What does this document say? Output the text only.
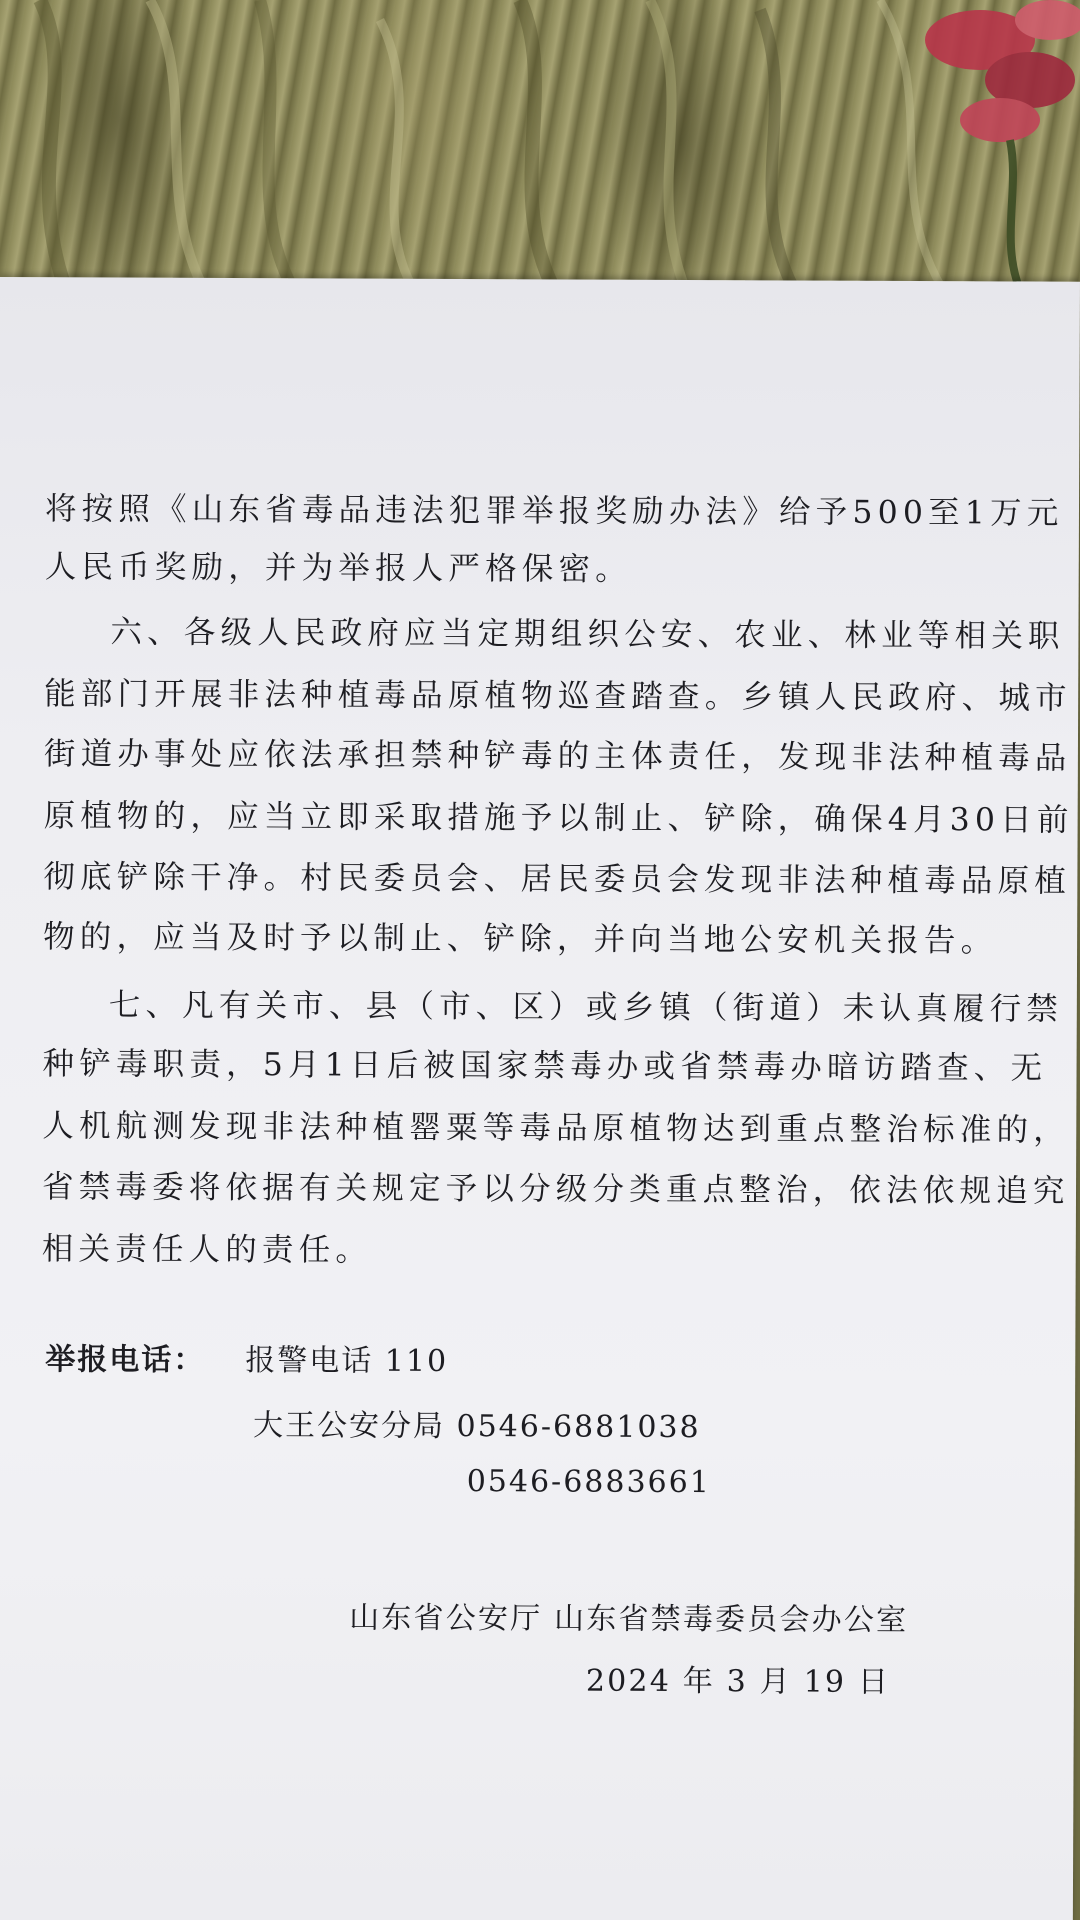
将按照《山东省毒品违法犯罪举报奖励办法》给予500至1万元
人民币奖励，并为举报人严格保密。
六、各级人民政府应当定期组织公安、农业、林业等相关职
能部门开展非法种植毒品原植物巡查踏查。乡镇人民政府、城市
街道办事处应依法承担禁种铲毒的主体责任，发现非法种植毒品
原植物的，应当立即采取措施予以制止、铲除，确保4月30日前
彻底铲除干净。村民委员会、居民委员会发现非法种植毒品原植
物的，应当及时予以制止、铲除，并向当地公安机关报告。
七、凡有关市、县（市、区）或乡镇（街道）未认真履行禁
种铲毒职责，5月1日后被国家禁毒办或省禁毒办暗访踏查、无
人机航测发现非法种植罂粟等毒品原植物达到重点整治标准的，
省禁毒委将依据有关规定予以分级分类重点整治，依法依规追究
相关责任人的责任。
举报电话： 报警电话 110
大王公安分局 0546-6881038
0546-6883661
山东省公安厅 山东省禁毒委员会办公室
2024 年 3 月 19 日
